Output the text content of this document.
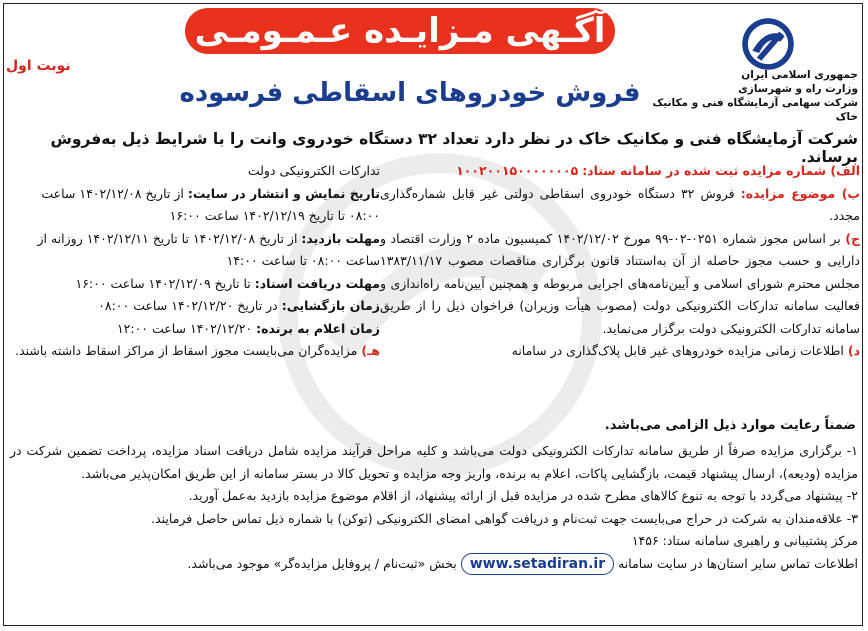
آگـهی مـزایـده عـمـومـی
فروش خودروهای اسقاطی فرسوده
نوبت اول
جمهوری اسلامی ایران
وزارت راه و شهرسازی
شرکت سهامی آزمایشگاه فنی و مکانیک خاک
شرکت آزمایشگاه فنی و مکانیک خاک در نظر دارد تعداد ۳۲ دستگاه خودروی وانت را با شرایط ذیل به‌فروش برساند.

الف) شماره مزایده ثبت شده در سامانه ستاد: ۱۰۰۲۰۰۱۵۰۰۰۰۰۰۰۵

ب) موضوع مزایده: فروش ۳۲ دستگاه خودروی اسقاطی دولتی غیر قابل شماره‌گذاری مجدد.

ج) بر اساس مجوز شماره ۰۲۵۱-۰۲-۹۹ مورخ ۱۴۰۲/۱۲/۰۲ کمیسیون ماده ۲ وزارت اقتصاد و دارایی و حسب مجوز حاصله از آن به‌استناد قانون برگزاری مناقصات مصوب ۱۳۸۳/۱۱/۱۷ مجلس محترم شورای اسلامی و آیین‌نامه‌های اجرایی مربوطه و همچنین آیین‌نامه راه‌اندازی و فعالیت سامانه تدارکات الکترونیکی دولت (مصوب هیأت وزیران) فراخوان ذیل را از طریق سامانه تدارکات الکترونیکی دولت برگزار می‌نماید.

د) اطلاعات زمانی مزایده خودروهای غیر قابل پلاک‌گذاری در سامانه

تدارکات الکترونیکی دولت

تاریخ نمایش و انتشار در سایت: از تاریخ ۱۴۰۲/۱۲/۰۸ ساعت ۰۸:۰۰ تا تاریخ ۱۴۰۲/۱۲/۱۹ ساعت ۱۶:۰۰

مهلت بازدید: از تاریخ ۱۴۰۲/۱۲/۰۸ تا تاریخ ۱۴۰۲/۱۲/۱۱ روزانه از ساعت ۰۸:۰۰ تا ساعت ۱۴:۰۰

مهلت دریافت اسناد: تا تاریخ ۱۴۰۲/۱۲/۰۹ ساعت ۱۶:۰۰

زمان بازگشایی: در تاریخ ۱۴۰۲/۱۲/۲۰ ساعت ۰۸:۰۰

زمان اعلام به برنده: ۱۴۰۲/۱۲/۲۰ ساعت ۱۲:۰۰

هـ) مزایده‌گران می‌بایست مجوز اسقاط از مراکز اسقاط داشته باشند.

ضمناً رعایت موارد ذیل الزامی می‌باشد.

۱- برگزاری مزایده صرفاً از طریق سامانه تدارکات الکترونیکی دولت می‌باشد و کلیه مراحل فرآیند مزایده شامل دریافت اسناد مزایده، پرداخت تضمین شرکت در مزایده (ودیعه)، ارسال پیشنهاد قیمت، بازگشایی پاکات، اعلام به برنده، واریز وجه مزایده و تحویل کالا در بستر سامانه از این طریق امکان‌پذیر می‌باشد.

۲- پیشنهاد می‌گردد با توجه به تنوع کالاهای مطرح شده در مزایده قبل از ارائه پیشنهاد، از اقلام موضوع مزایده بازدید به‌عمل آورید.

۳- علاقه‌مندان به شرکت در حراج می‌بایست جهت ثبت‌نام و دریافت گواهی امضای الکترونیکی (توکن) با شماره ذیل تماس حاصل فرمایند.

مرکز پشتیبانی و راهبری سامانه ستاد: ۱۴۵۶

اطلاعات تماس سایر استان‌ها در سایت سامانه www.setadiran.ir بخش «ثبت‌نام / پروفایل مزایده‌گر» موجود می‌باشد.
